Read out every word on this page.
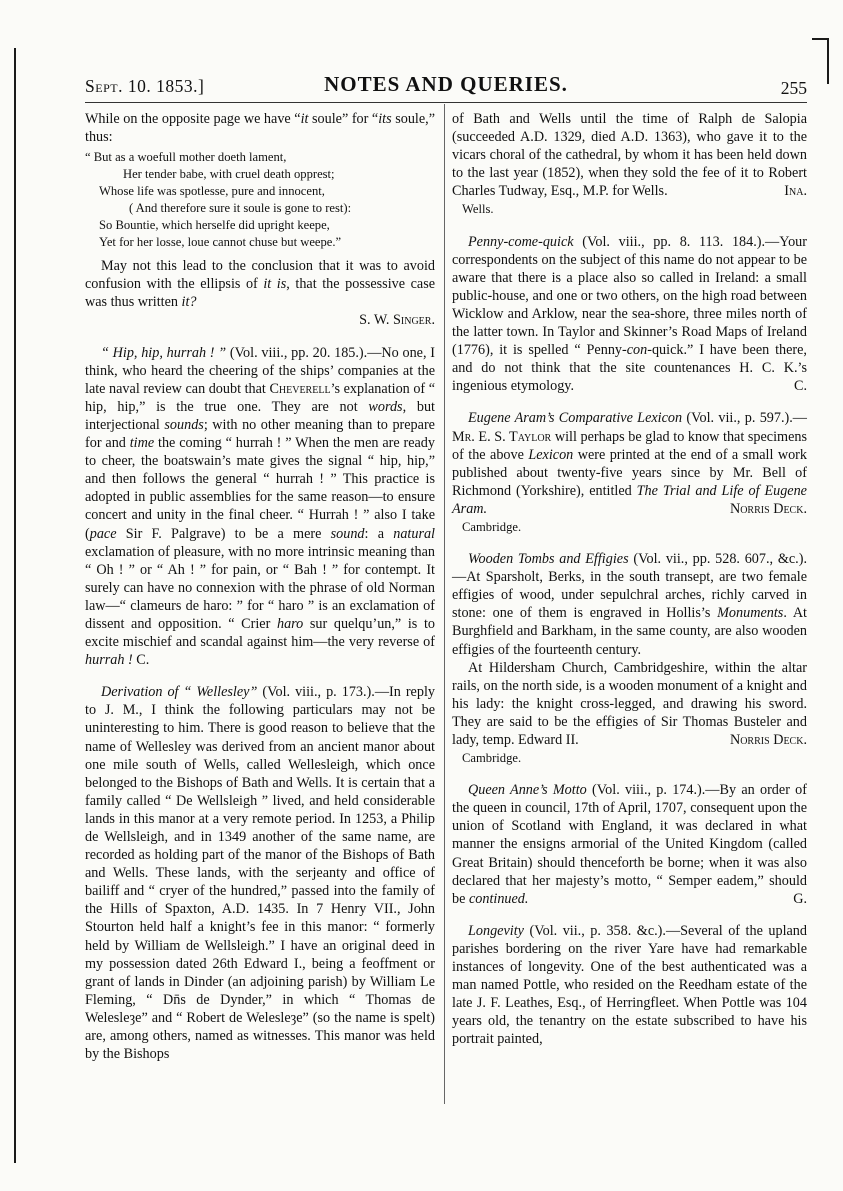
Sept. 10. 1853.]	NOTES AND QUERIES.	255

While on the opposite page we have “it soule” for “its soule,” thus:

“ But as a woefull mother doeth lament,
Her tender babe, with cruel death opprest;
Whose life was spotlesse, pure and innocent,
( And therefore sure it soule is gone to rest):
So Bountie, which herselfe did upright keepe,
Yet for her losse, loue cannot chuse but weepe.”

May not this lead to the conclusion that it was to avoid confusion with the ellipsis of it is, that the possessive case was thus written it?

S. W. Singer.

“ Hip, hip, hurrah ! ” (Vol. viii., pp. 20. 185.).—No one, I think, who heard the cheering of the ships’ companies at the late naval review can doubt that Cheverell’s explanation of “ hip, hip,” is the true one. They are not words, but interjectional sounds; with no other meaning than to prepare for and time the coming “ hurrah ! ” When the men are ready to cheer, the boatswain’s mate gives the signal “ hip, hip,” and then follows the general “ hurrah ! ” This practice is adopted in public assemblies for the same reason—to ensure concert and unity in the final cheer. “ Hurrah ! ” also I take (pace Sir F. Palgrave) to be a mere sound: a natural exclamation of pleasure, with no more intrinsic meaning than “ Oh ! ” or “ Ah ! ” for pain, or “ Bah ! ” for contempt. It surely can have no connexion with the phrase of old Norman law—“ clameurs de haro: ” for “ haro ” is an exclamation of dissent and opposition. “ Crier haro sur quelqu’un,” is to excite mischief and scandal against him—the very reverse of hurrah ! C.

Derivation of “ Wellesley” (Vol. viii., p. 173.).—In reply to J. M., I think the following particulars may not be uninteresting to him. There is good reason to believe that the name of Wellesley was derived from an ancient manor about one mile south of Wells, called Wellesleigh, which once belonged to the Bishops of Bath and Wells. It is certain that a family called “ De Wellsleigh ” lived, and held considerable lands in this manor at a very remote period. In 1253, a Philip de Wellsleigh, and in 1349 another of the same name, are recorded as holding part of the manor of the Bishops of Bath and Wells. These lands, with the serjeanty and office of bailiff and “ cryer of the hundred,” passed into the family of the Hills of Spaxton, A.D. 1435. In 7 Henry VII., John Stourton held half a knight’s fee in this manor: “ formerly held by William de Wellsleigh.” I have an original deed in my possession dated 26th Edward I., being a feoffment or grant of lands in Dinder (an adjoining parish) by William Le Fleming, “ Dn̄s de Dynder,” in which “ Thomas de Welesleȝe” and “ Robert de Welesleȝe” (so the name is spelt) are, among others, named as witnesses. This manor was held by the Bishops

of Bath and Wells until the time of Ralph de Salopia (succeeded A.D. 1329, died A.D. 1363), who gave it to the vicars choral of the cathedral, by whom it has been held down to the last year (1852), when they sold the fee of it to Robert Charles Tudway, Esq., M.P. for Wells.	Ina.

Wells.

Penny-come-quick (Vol. viii., pp. 8. 113. 184.).—Your correspondents on the subject of this name do not appear to be aware that there is a place also so called in Ireland: a small public-house, and one or two others, on the high road between Wicklow and Arklow, near the sea-shore, three miles north of the latter town. In Taylor and Skinner’s Road Maps of Ireland (1776), it is spelled “ Penny-con-quick.” I have been there, and do not think that the site countenances H. C. K.’s ingenious etymology.	C.

Eugene Aram’s Comparative Lexicon (Vol. vii., p. 597.).—Mr. E. S. Taylor will perhaps be glad to know that specimens of the above Lexicon were printed at the end of a small work published about twenty-five years since by Mr. Bell of Richmond (Yorkshire), entitled The Trial and Life of Eugene Aram.	Norris Deck.

Cambridge.

Wooden Tombs and Effigies (Vol. vii., pp. 528. 607., &c.).—At Sparsholt, Berks, in the south transept, are two female effigies of wood, under sepulchral arches, richly carved in stone: one of them is engraved in Hollis’s Monuments. At Burghfield and Barkham, in the same county, are also wooden effigies of the fourteenth century.

At Hildersham Church, Cambridgeshire, within the altar rails, on the north side, is a wooden monument of a knight and his lady: the knight cross-legged, and drawing his sword. They are said to be the effigies of Sir Thomas Busteler and lady, temp. Edward II.	Norris Deck.

Cambridge.

Queen Anne’s Motto (Vol. viii., p. 174.).—By an order of the queen in council, 17th of April, 1707, consequent upon the union of Scotland with England, it was declared in what manner the ensigns armorial of the United Kingdom (called Great Britain) should thenceforth be borne; when it was also declared that her majesty’s motto, “ Semper eadem,” should be continued.	G.

Longevity (Vol. vii., p. 358. &c.).—Several of the upland parishes bordering on the river Yare have had remarkable instances of longevity. One of the best authenticated was a man named Pottle, who resided on the Reedham estate of the late J. F. Leathes, Esq., of Herringfleet. When Pottle was 104 years old, the tenantry on the estate subscribed to have his portrait painted,
